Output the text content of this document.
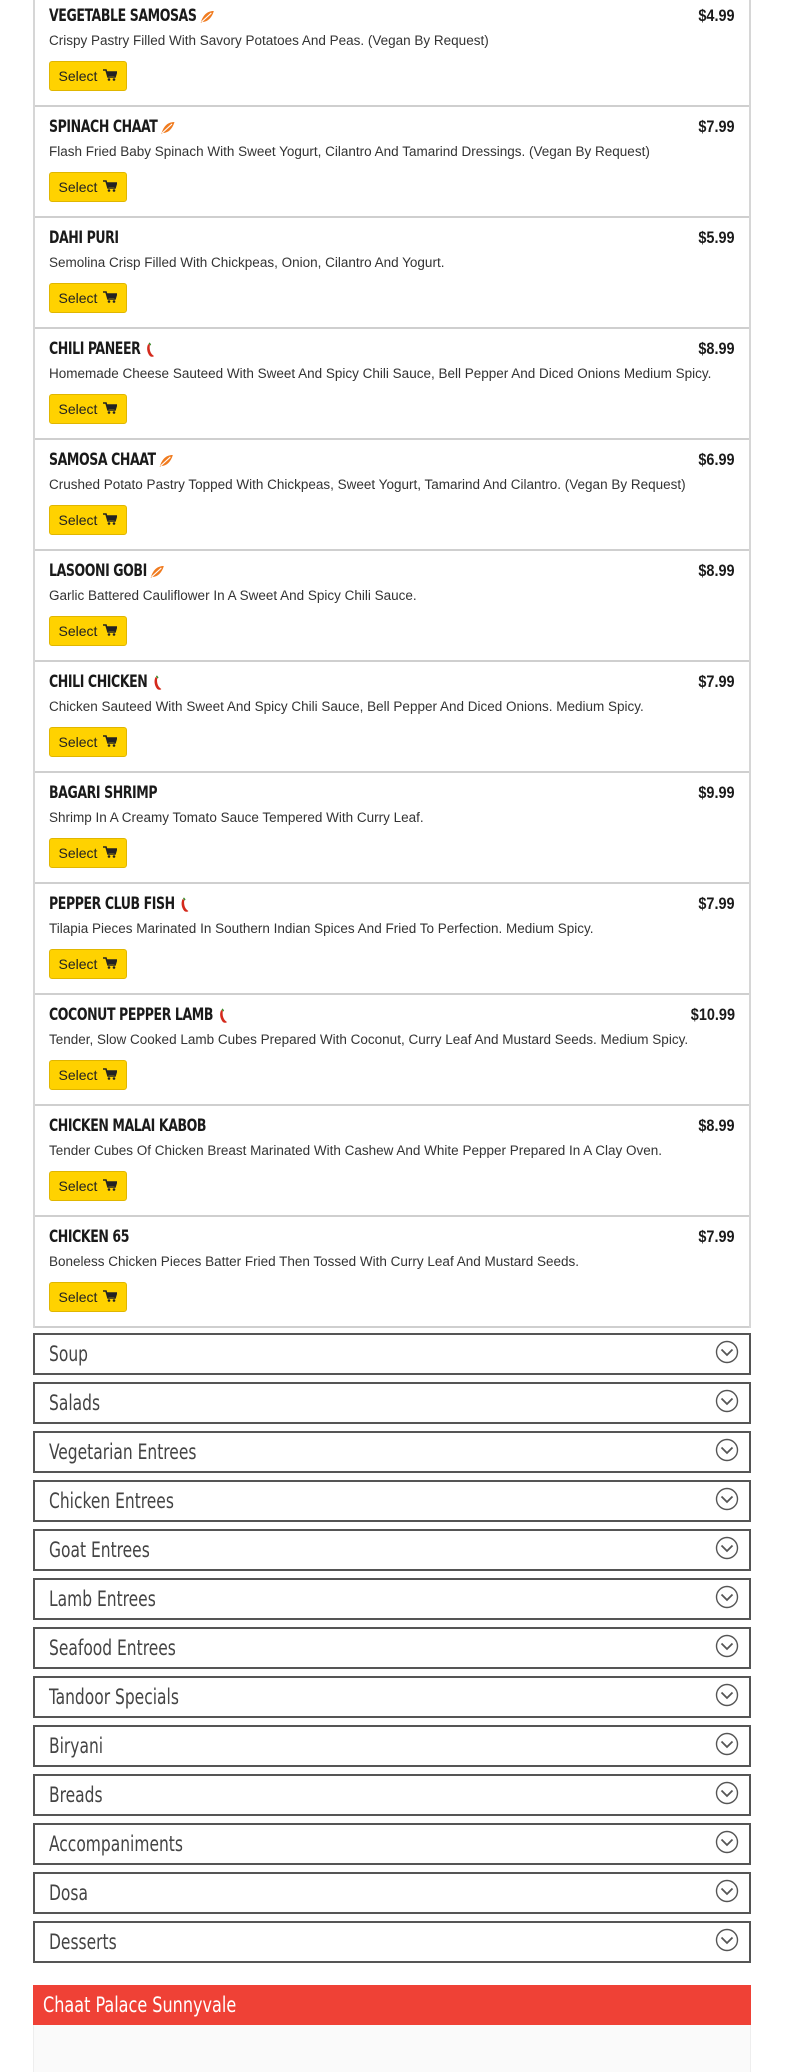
VEGETABLE SAMOSAS	$4.99
Crispy Pastry Filled With Savory Potatoes And Peas. (Vegan By Request)
Select
SPINACH CHAAT	$7.99
Flash Fried Baby Spinach With Sweet Yogurt, Cilantro And Tamarind Dressings. (Vegan By Request)
Select
DAHI PURI	$5.99
Semolina Crisp Filled With Chickpeas, Onion, Cilantro And Yogurt.
Select
CHILI PANEER	$8.99
Homemade Cheese Sauteed With Sweet And Spicy Chili Sauce, Bell Pepper And Diced Onions Medium Spicy.
Select
SAMOSA CHAAT	$6.99
Crushed Potato Pastry Topped With Chickpeas, Sweet Yogurt, Tamarind And Cilantro. (Vegan By Request)
Select
LASOONI GOBI	$8.99
Garlic Battered Cauliflower In A Sweet And Spicy Chili Sauce.
Select
CHILI CHICKEN	$7.99
Chicken Sauteed With Sweet And Spicy Chili Sauce, Bell Pepper And Diced Onions. Medium Spicy.
Select
BAGARI SHRIMP	$9.99
Shrimp In A Creamy Tomato Sauce Tempered With Curry Leaf.
Select
PEPPER CLUB FISH	$7.99
Tilapia Pieces Marinated In Southern Indian Spices And Fried To Perfection. Medium Spicy.
Select
COCONUT PEPPER LAMB	$10.99
Tender, Slow Cooked Lamb Cubes Prepared With Coconut, Curry Leaf And Mustard Seeds. Medium Spicy.
Select
CHICKEN MALAI KABOB	$8.99
Tender Cubes Of Chicken Breast Marinated With Cashew And White Pepper Prepared In A Clay Oven.
Select
CHICKEN 65	$7.99
Boneless Chicken Pieces Batter Fried Then Tossed With Curry Leaf And Mustard Seeds.
Select
Soup
Salads
Vegetarian Entrees
Chicken Entrees
Goat Entrees
Lamb Entrees
Seafood Entrees
Tandoor Specials
Biryani
Breads
Accompaniments
Dosa
Desserts
Chaat Palace Sunnyvale
